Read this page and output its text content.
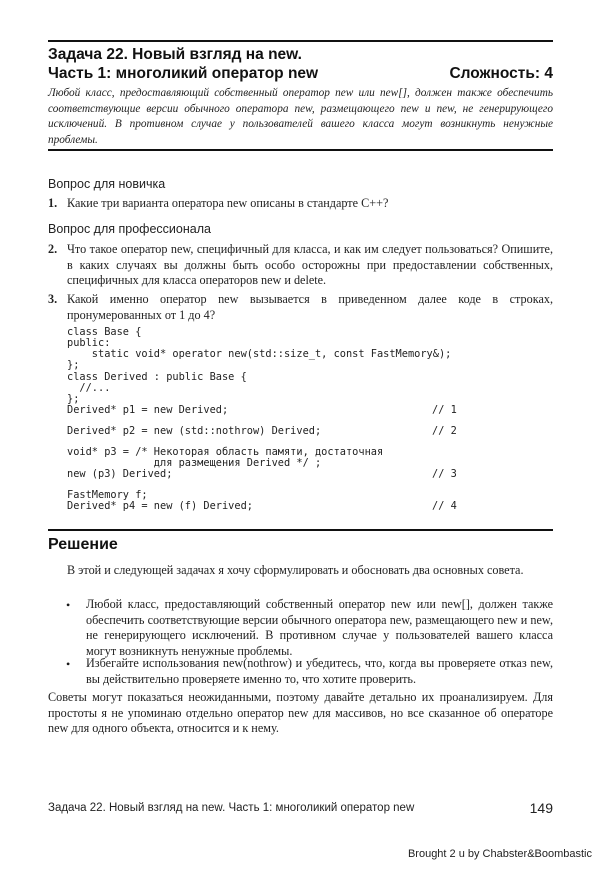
Задача 22. Новый взгляд на new.
Часть 1: многоликий оператор new	Сложность: 4
Любой класс, предоставляющий собственный оператор new или new[], должен также обеспечить соответствующие версии обычного оператора new, размещающего new и new, не генерирующего исключений. В противном случае у пользователей вашего класса могут возникнуть ненужные проблемы.
Вопрос для новичка
1. Какие три варианта оператора new описаны в стандарте C++?
Вопрос для профессионала
2. Что такое оператор new, специфичный для класса, и как им следует пользоваться? Опишите, в каких случаях вы должны быть особо осторожны при предоставлении собственных, специфичных для класса операторов new и delete.
3. Какой именно оператор new вызывается в приведенном далее коде в строках, пронумерованных от 1 до 4?

class Base {

public:

static void* operator new(std::size_t, const FastMemory&);

};

class Derived : public Base {

//...

};

Derived* p1 = new Derived;

	// 1

Derived* p2 = new (std::nothrow) Derived;

	// 2

void* p3 = /* Некоторая область памяти, достаточная

для размещения Derived */ ;

new (p3) Derived;

	// 3

FastMemory f;

Derived* p4 = new (f) Derived;

	// 4

Решение
В этой и следующей задачах я хочу сформулировать и обосновать два основных совета.
• Любой класс, предоставляющий собственный оператор new или new[], должен также обеспечить соответствующие версии обычного оператора new, размещающего new и new, не генерирующего исключений. В противном случае у пользователей вашего класса могут возникнуть ненужные проблемы.
• Избегайте использования new(nothrow) и убедитесь, что, когда вы проверяете отказ new, вы действительно проверяете именно то, что хотите проверить.
Советы могут показаться неожиданными, поэтому давайте детально их проанализируем. Для простоты я не упоминаю отдельно оператор new для массивов, но все сказанное об операторе new для одного объекта, относится и к нему.
Задача 22. Новый взгляд на new. Часть 1: многоликий оператор new	149
Brought 2 u by Chabster&Boombastic
